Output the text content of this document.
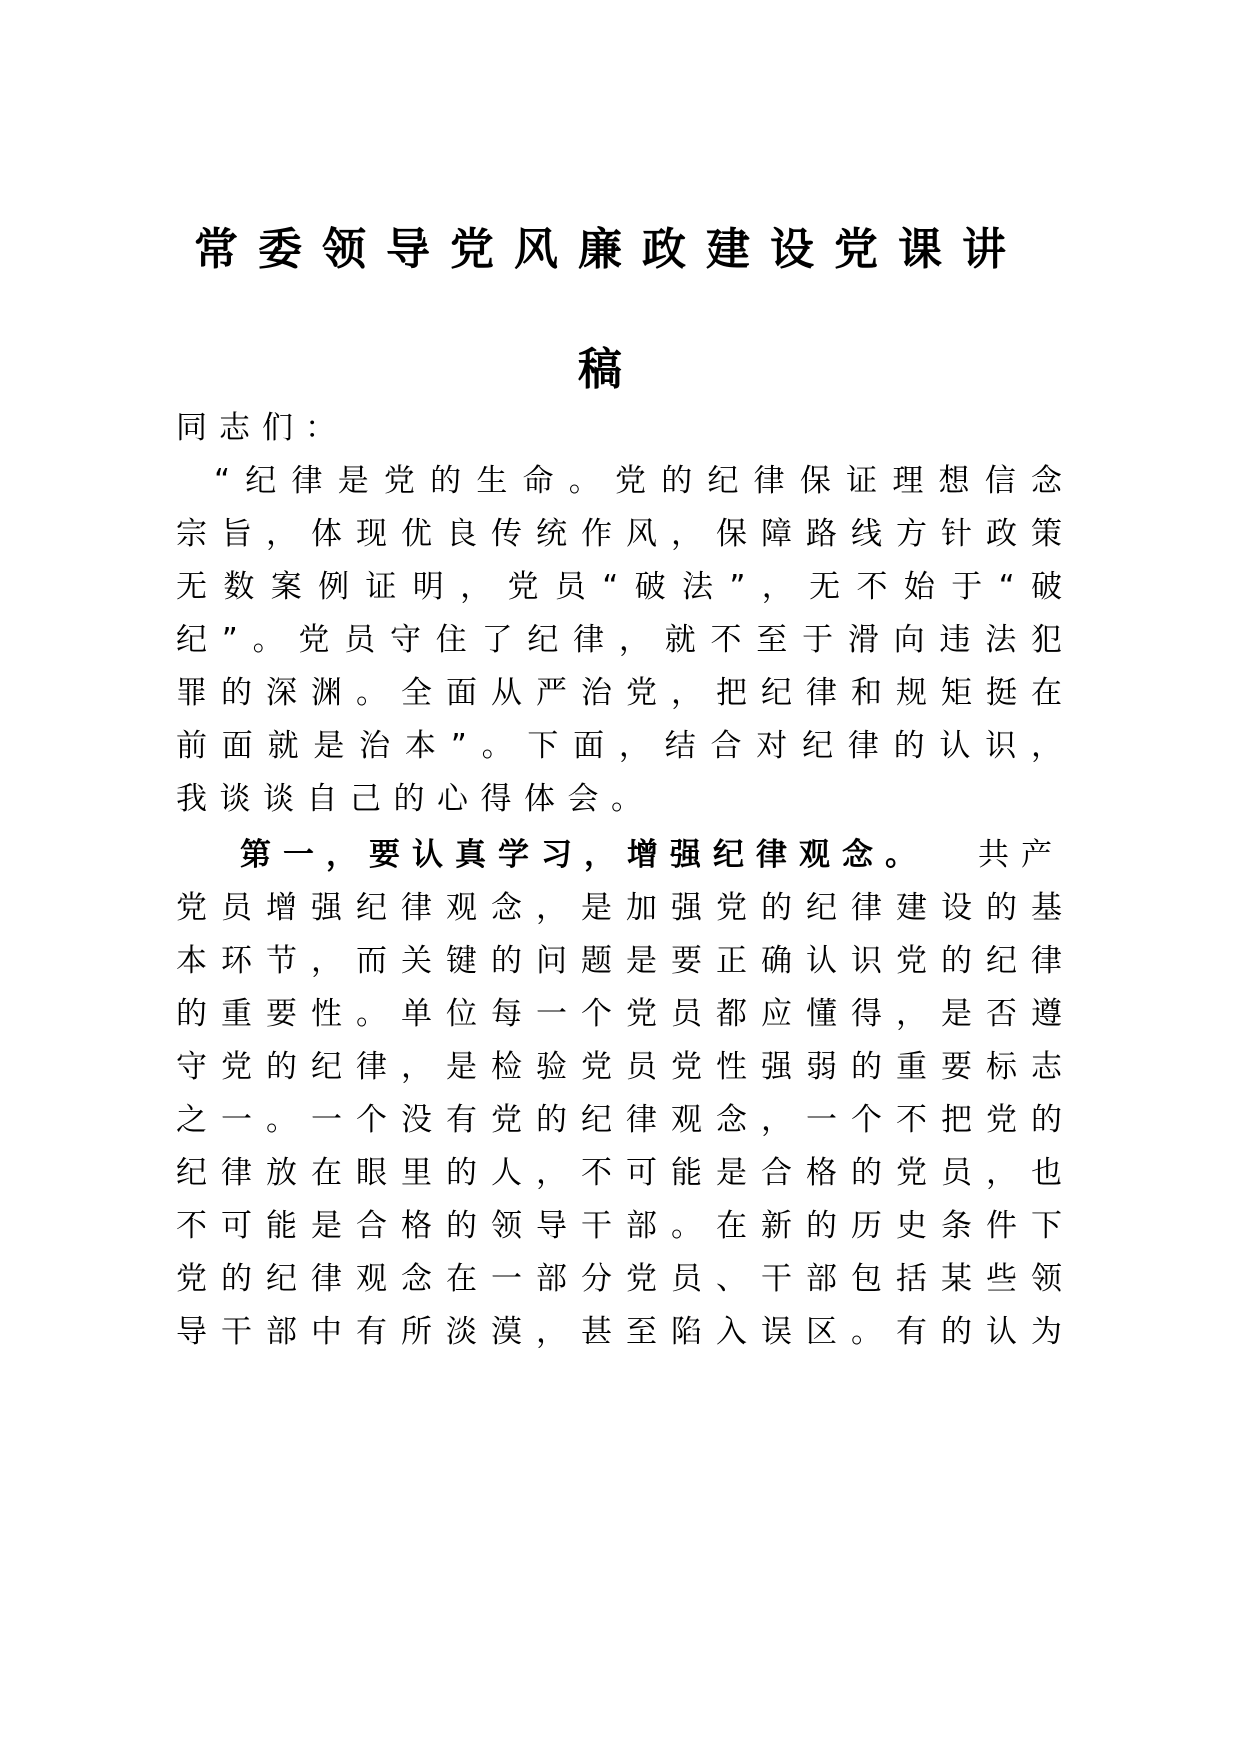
常委领导党风廉政建设党课讲
稿
同志们：
“纪律是党的生命。党的纪律保证理想信念
宗旨，体现优良传统作风，保障路线方针政策
无数案例证明，党员“破法”，无不始于“破
纪”。党员守住了纪律，就不至于滑向违法犯
罪的深渊。全面从严治党，把纪律和规矩挺在
前面就是治本”。下面，结合对纪律的认识，
我谈谈自己的心得体会。
第一，要认真学习，增强纪律观念。 共产
党员增强纪律观念，是加强党的纪律建设的基
本环节，而关键的问题是要正确认识党的纪律
的重要性。单位每一个党员都应懂得，是否遵
守党的纪律，是检验党员党性强弱的重要标志
之一。一个没有党的纪律观念，一个不把党的
纪律放在眼里的人，不可能是合格的党员，也
不可能是合格的领导干部。在新的历史条件下
党的纪律观念在一部分党员、干部包括某些领
导干部中有所淡漠，甚至陷入误区。有的认为
